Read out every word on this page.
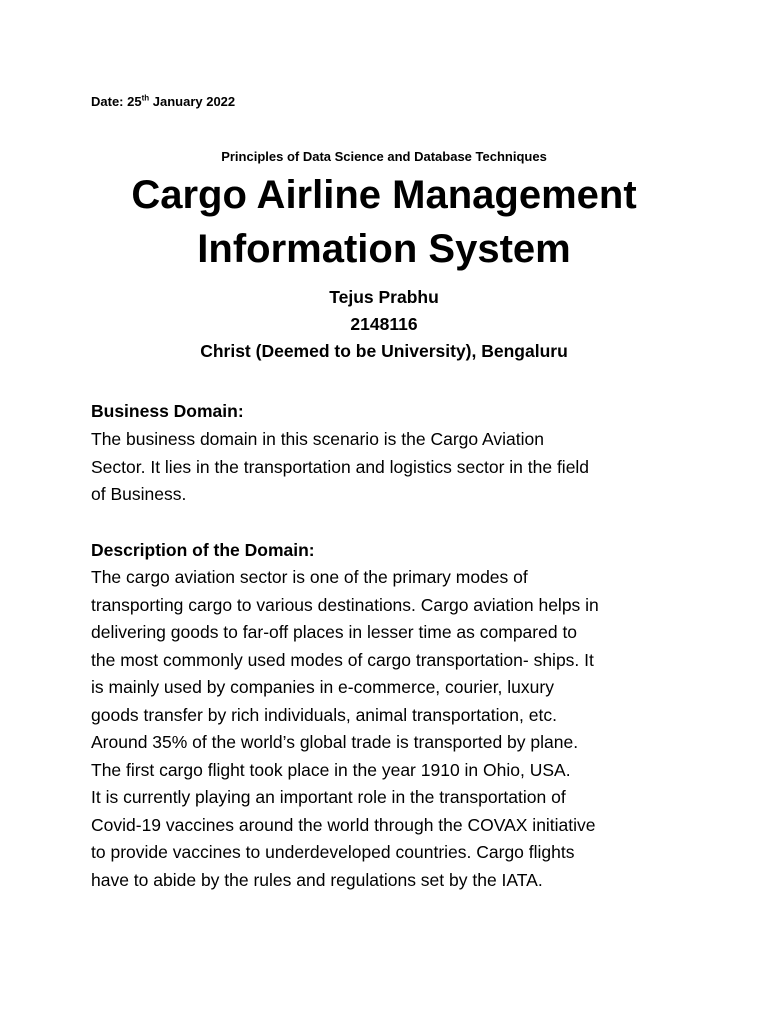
Date: 25th January 2022
Principles of Data Science and Database Techniques
Cargo Airline Management
Information System
Tejus Prabhu
2148116
Christ (Deemed to be University), Bengaluru
Business Domain:
The business domain in this scenario is the Cargo Aviation
Sector. It lies in the transportation and logistics sector in the field
of Business.
Description of the Domain:
The cargo aviation sector is one of the primary modes of
transporting cargo to various destinations. Cargo aviation helps in
delivering goods to far-off places in lesser time as compared to
the most commonly used modes of cargo transportation- ships. It
is mainly used by companies in e-commerce, courier, luxury
goods transfer by rich individuals, animal transportation, etc.
Around 35% of the world’s global trade is transported by plane.
The first cargo flight took place in the year 1910 in Ohio, USA.
It is currently playing an important role in the transportation of
Covid-19 vaccines around the world through the COVAX initiative
to provide vaccines to underdeveloped countries. Cargo flights
have to abide by the rules and regulations set by the IATA.
